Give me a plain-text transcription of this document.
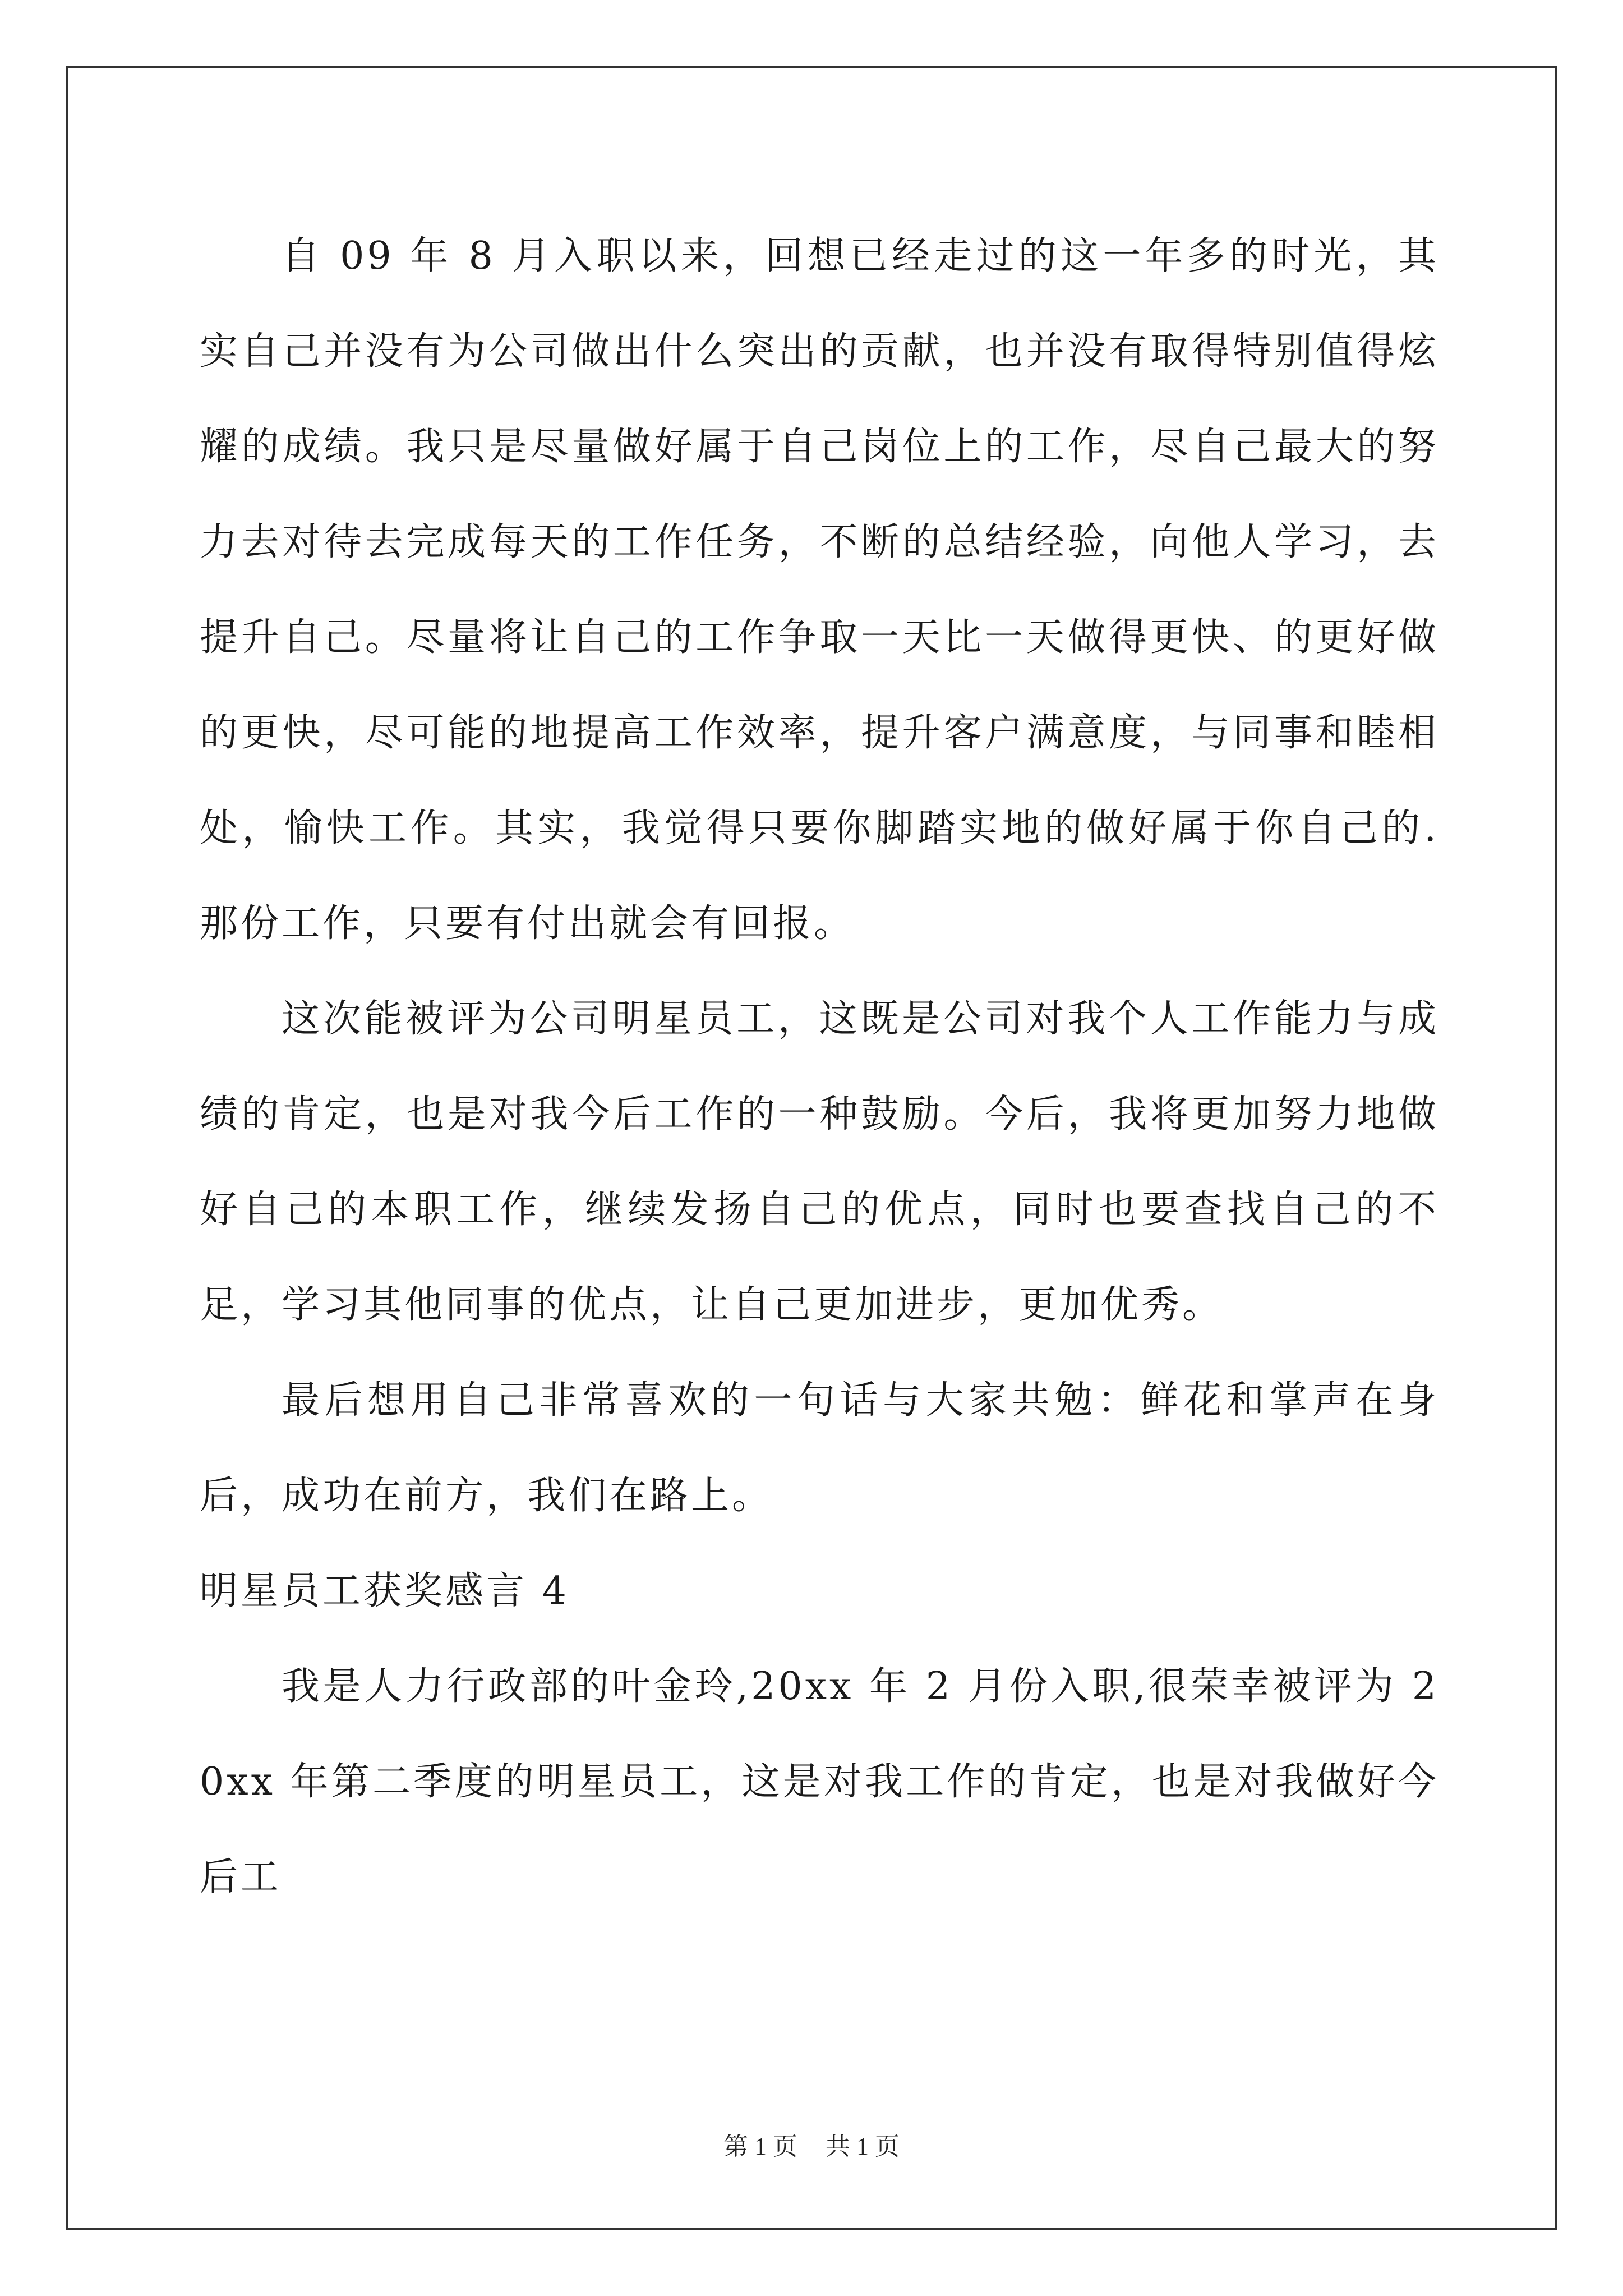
自 09 年 8 月入职以来，回想已经走过的这一年多的时光，其实自己并没有为公司做出什么突出的贡献，也并没有取得特别值得炫耀的成绩。我只是尽量做好属于自己岗位上的工作，尽自己最大的努力去对待去完成每天的工作任务，不断的总结经验，向他人学习，去提升自己。尽量将让自己的工作争取一天比一天做得更快、的更好做的更快，尽可能的地提高工作效率，提升客户满意度，与同事和睦相处，愉快工作。其实，我觉得只要你脚踏实地的做好属于你自己的.那份工作，只要有付出就会有回报。

这次能被评为公司明星员工，这既是公司对我个人工作能力与成绩的肯定，也是对我今后工作的一种鼓励。今后，我将更加努力地做好自己的本职工作，继续发扬自己的优点，同时也要查找自己的不足，学习其他同事的优点，让自己更加进步，更加优秀。

最后想用自己非常喜欢的一句话与大家共勉：鲜花和掌声在身后，成功在前方，我们在路上。

明星员工获奖感言 4

我是人力行政部的叶金玲,20xx 年 2 月份入职,很荣幸被评为 20xx 年第二季度的明星员工，这是对我工作的肯定，也是对我做好今后工

第 1 页 共 1 页
